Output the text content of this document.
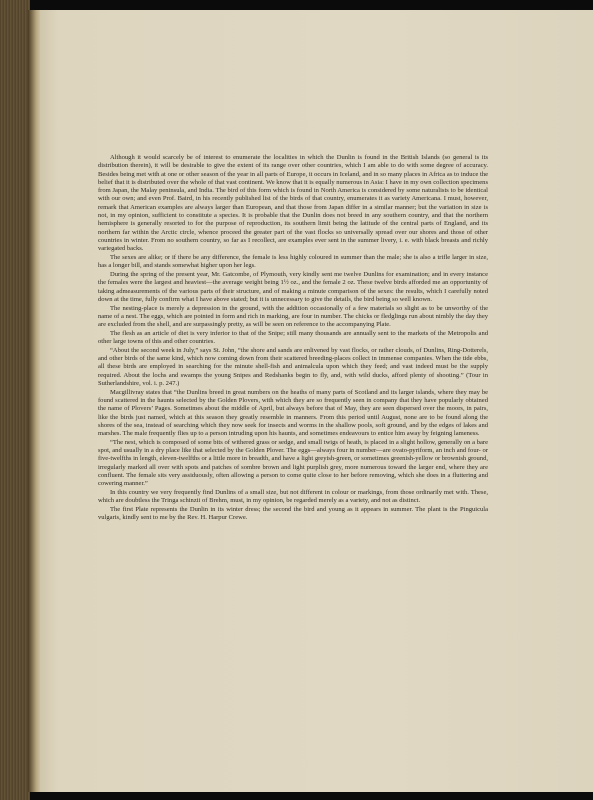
Although it would scarcely be of interest to enumerate the localities in which the Dunlin is found in the British Islands (so general is its distribution therein), it will be desirable to give the extent of its range over other countries, which I am able to do with some degree of accuracy. Besides being met with at one or other season of the year in all parts of Europe, it occurs in Iceland, and in so many places in Africa as to induce the belief that it is distributed over the whole of that vast continent. We know that it is equally numerous in Asia: I have in my own collection specimens from Japan, the Malay peninsula, and India. The bird of this form which is found in North America is considered by some naturalists to be identical with our own; and even Prof. Baird, in his recently published list of the birds of that country, enumerates it as variety Americana. I must, however, remark that American examples are always larger than European, and that those from Japan differ in a similar manner; but the variation in size is not, in my opinion, sufficient to constitute a species. It is probable that the Dunlin does not breed in any southern country, and that the northern hemisphere is generally resorted to for the purpose of reproduction, its southern limit being the latitude of the central parts of England, and its northern far within the Arctic circle, whence proceed the greater part of the vast flocks so universally spread over our shores and those of other countries in winter. From no southern country, so far as I recollect, are examples ever sent in the summer livery, i. e. with black breasts and richly variegated backs.

The sexes are alike; or if there be any difference, the female is less highly coloured in summer than the male; she is also a trifle larger in size, has a longer bill, and stands somewhat higher upon her legs.

During the spring of the present year, Mr. Gatcombe, of Plymouth, very kindly sent me twelve Dunlins for examination; and in every instance the females were the largest and heaviest—the average weight being 1½ oz., and the female 2 oz. These twelve birds afforded me an opportunity of taking admeasurements of the various parts of their structure, and of making a minute comparison of the sexes: the results, which I carefully noted down at the time, fully confirm what I have above stated; but it is unnecessary to give the details, the bird being so well known.

The nesting-place is merely a depression in the ground, with the addition occasionally of a few materials so slight as to be unworthy of the name of a nest. The eggs, which are pointed in form and rich in marking, are four in number. The chicks or fledglings run about nimbly the day they are excluded from the shell, and are surpassingly pretty, as will be seen on reference to the accompanying Plate.

The flesh as an article of diet is very inferior to that of the Snipe; still many thousands are annually sent to the markets of the Metropolis and other large towns of this and other countries.

“About the second week in July,” says St. John, “the shore and sands are enlivened by vast flocks, or rather clouds, of Dunlins, Ring-Dotterels, and other birds of the same kind, which now coming down from their scattered breeding-places collect in immense companies. When the tide ebbs, all these birds are employed in searching for the minute shell-fish and animalcula upon which they feed; and vast indeed must be the supply required. About the lochs and swamps the young Snipes and Redshanks begin to fly, and, with wild ducks, afford plenty of shooting.” (Tour in Sutherlandshire, vol. i. p. 247.)

Macgillivray states that “the Dunlins breed in great numbers on the heaths of many parts of Scotland and its larger islands, where they may be found scattered in the haunts selected by the Golden Plovers, with which they are so frequently seen in company that they have popularly obtained the name of Plovers’ Pages. Sometimes about the middle of April, but always before that of May, they are seen dispersed over the moors, in pairs, like the birds just named, which at this season they greatly resemble in manners. From this period until August, none are to be found along the shores of the sea, instead of searching which they now seek for insects and worms in the shallow pools, soft ground, and by the edges of lakes and marshes. The male frequently flies up to a person intruding upon his haunts, and sometimes endeavours to entice him away by feigning lameness.

“The nest, which is composed of some bits of withered grass or sedge, and small twigs of heath, is placed in a slight hollow, generally on a bare spot, and usually in a dry place like that selected by the Golden Plover. The eggs—always four in number—are ovato-pyriform, an inch and four- or five-twelfths in length, eleven-twelfths or a little more in breadth, and have a light greyish-green, or sometimes greenish-yellow or brownish ground, irregularly marked all over with spots and patches of sombre brown and light purplish grey, more numerous toward the larger end, where they are confluent. The female sits very assiduously, often allowing a person to come quite close to her before removing, which she does in a fluttering and cowering manner.”

In this country we very frequently find Dunlins of a small size, but not different in colour or markings, from those ordinarily met with. These, which are doubtless the Tringa schinzii of Brehm, must, in my opinion, be regarded merely as a variety, and not as distinct.

The first Plate represents the Dunlin in its winter dress; the second the bird and young as it appears in summer. The plant is the Pinguicula vulgaris, kindly sent to me by the Rev. H. Harpur Crewe.
